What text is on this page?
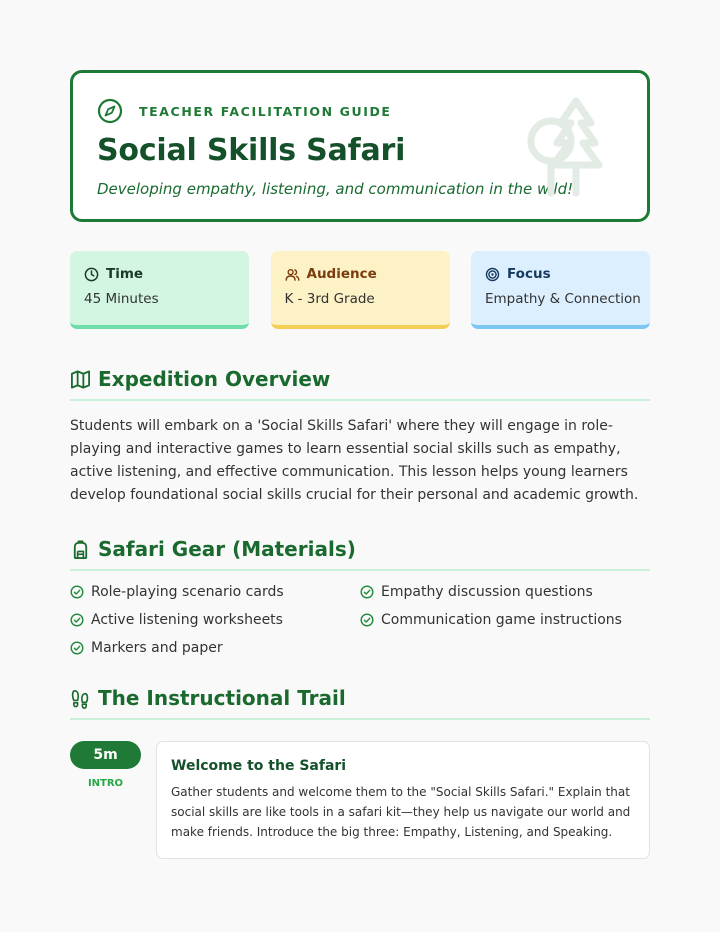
TEACHER FACILITATION GUIDE
Social Skills Safari
Developing empathy, listening, and communication in the wild!
Time
45 Minutes
Audience
K - 3rd Grade
Focus
Empathy & Connection
Expedition Overview
Students will embark on a 'Social Skills Safari' where they will engage in role-playing and interactive games to learn essential social skills such as empathy, active listening, and effective communication. This lesson helps young learners develop foundational social skills crucial for their personal and academic growth.
Safari Gear (Materials)
Role-playing scenario cards	Empathy discussion questions
Active listening worksheets	Communication game instructions
Markers and paper
The Instructional Trail
5m
INTRO
Welcome to the Safari
Gather students and welcome them to the "Social Skills Safari." Explain that social skills are like tools in a safari kit—they help us navigate our world and make friends. Introduce the big three: Empathy, Listening, and Speaking.
